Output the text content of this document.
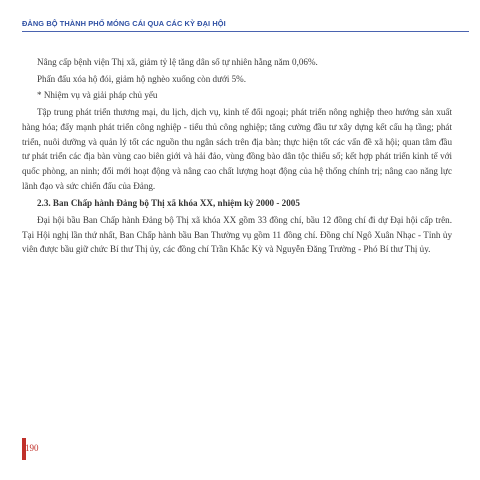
ĐẢNG BỘ THÀNH PHỐ MÓNG CÁI QUA CÁC KỲ ĐẠI HỘI

Nâng cấp bệnh viện Thị xã, giảm tỷ lệ tăng dân số tự nhiên hằng năm 0,06%.

Phấn đấu xóa hộ đói, giảm hộ nghèo xuống còn dưới 5%.

* Nhiệm vụ và giải pháp chủ yếu

Tập trung phát triển thương mại, du lịch, dịch vụ, kinh tế đối ngoại; phát triển nông nghiệp theo hướng sản xuất hàng hóa; đẩy mạnh phát triển công nghiệp - tiểu thủ công nghiệp; tăng cường đầu tư xây dựng kết cấu hạ tầng; phát triển, nuôi dưỡng và quản lý tốt các nguồn thu ngân sách trên địa bàn; thực hiện tốt các vấn đề xã hội; quan tâm đầu tư phát triển các địa bàn vùng cao biên giới và hải đảo, vùng đồng bào dân tộc thiểu số; kết hợp phát triển kinh tế với quốc phòng, an ninh; đổi mới hoạt động và nâng cao chất lượng hoạt động của hệ thống chính trị; nâng cao năng lực lãnh đạo và sức chiến đấu của Đảng.

2.3. Ban Chấp hành Đảng bộ Thị xã khóa XX, nhiệm kỳ 2000 - 2005

Đại hội bầu Ban Chấp hành Đảng bộ Thị xã khóa XX gồm 33 đồng chí, bầu 12 đồng chí đi dự Đại hội cấp trên. Tại Hội nghị lần thứ nhất, Ban Chấp hành bầu Ban Thường vụ gồm 11 đồng chí. Đồng chí Ngô Xuân Nhạc - Tỉnh ủy viên được bầu giữ chức Bí thư Thị ủy, các đồng chí Trần Khắc Kỳ và Nguyễn Đăng Trường - Phó Bí thư Thị ủy.

190
